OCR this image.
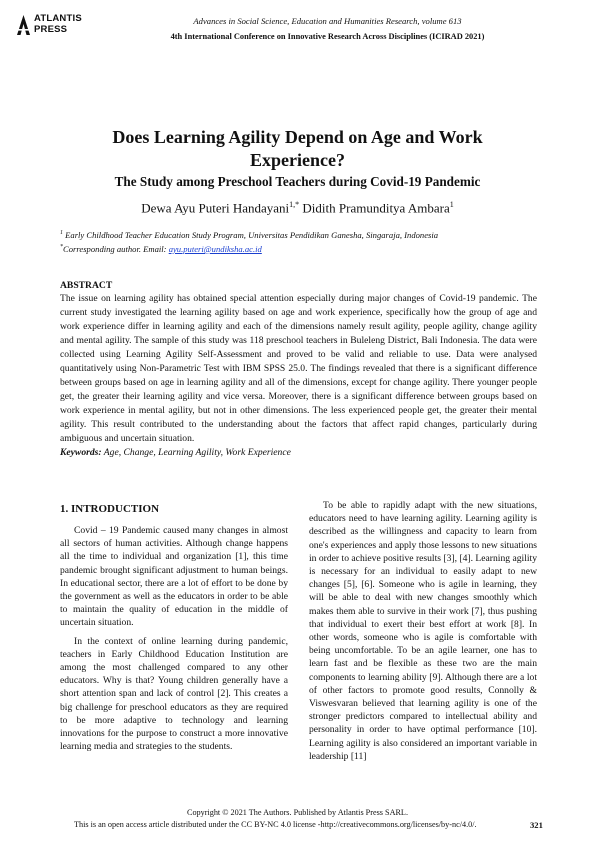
ATLANTIS
PRESS
Advances in Social Science, Education and Humanities Research, volume 613
4th International Conference on Innovative Research Across Disciplines (ICIRAD 2021)
Does Learning Agility Depend on Age and Work
Experience?
The Study among Preschool Teachers during Covid-19 Pandemic
Dewa Ayu Puteri Handayani$^{1,*}$ Didith Pramunditya Ambara$^1$
$^1$ Early Childhood Teacher Education Study Program, Universitas Pendidikan Ganesha, Singaraja, Indonesia
*Corresponding author. Email: ayu.puteri@undiksha.ac.id
ABSTRACT
The issue on learning agility has obtained special attention especially during major changes of Covid-19 pandemic. The current study investigated the learning agility based on age and work experience, specifically how the group of age and work experience differ in learning agility and each of the dimensions namely result agility, people agility, change agility and mental agility. The sample of this study was 118 preschool teachers in Buleleng District, Bali Indonesia. The data were collected using Learning Agility Self-Assessment and proved to be valid and reliable to use. Data were analysed quantitatively using Non-Parametric Test with IBM SPSS 25.0. The findings revealed that there is a significant difference between groups based on age in learning agility and all of the dimensions, except for change agility. There younger people get, the greater their learning agility and vice versa. Moreover, there is a significant difference between groups based on work experience in mental agility, but not in other dimensions. The less experienced people get, the greater their mental agility. This result contributed to the understanding about the factors that affect rapid changes, particularly during ambiguous and uncertain situation.
Keywords: Age, Change, Learning Agility, Work Experience
1. INTRODUCTION

Covid – 19 Pandemic caused many changes in almost all sectors of human activities. Although change happens all the time to individual and organization [1], this time pandemic brought significant adjustment to human beings. In educational sector, there are a lot of effort to be done by the government as well as the educators in order to be able to maintain the quality of education in the middle of uncertain situation.

In the context of online learning during pandemic, teachers in Early Childhood Education Institution are among the most challenged compared to any other educators. Why is that? Young children generally have a short attention span and lack of control [2]. This creates a big challenge for preschool educators as they are required to be more adaptive to technology and learning innovations for the purpose to construct a more innovative learning media and strategies to the students.

To be able to rapidly adapt with the new situations, educators need to have learning agility. Learning agility is described as the willingness and capacity to learn from one's experiences and apply those lessons to new situations in order to achieve positive results [3], [4]. Learning agility is necessary for an individual to easily adapt to new changes [5], [6]. Someone who is agile in learning, they will be able to deal with new changes smoothly which makes them able to survive in their work [7], thus pushing that individual to exert their best effort at work [8]. In other words, someone who is agile is comfortable with being uncomfortable. To be an agile learner, one has to learn fast and be flexible as these two are the main components to learning ability [9]. Although there are a lot of other factors to promote good results, Connolly & Viswesvaran believed that learning agility is one of the stronger predictors compared to intellectual ability and personality in order to have optimal performance [10]. Learning agility is also considered an important variable in leadership [11]

Copyright © 2021 The Authors. Published by Atlantis Press SARL.
This is an open access article distributed under the CC BY-NC 4.0 license -http://creativecommons.org/licenses/by-nc/4.0/.	321
